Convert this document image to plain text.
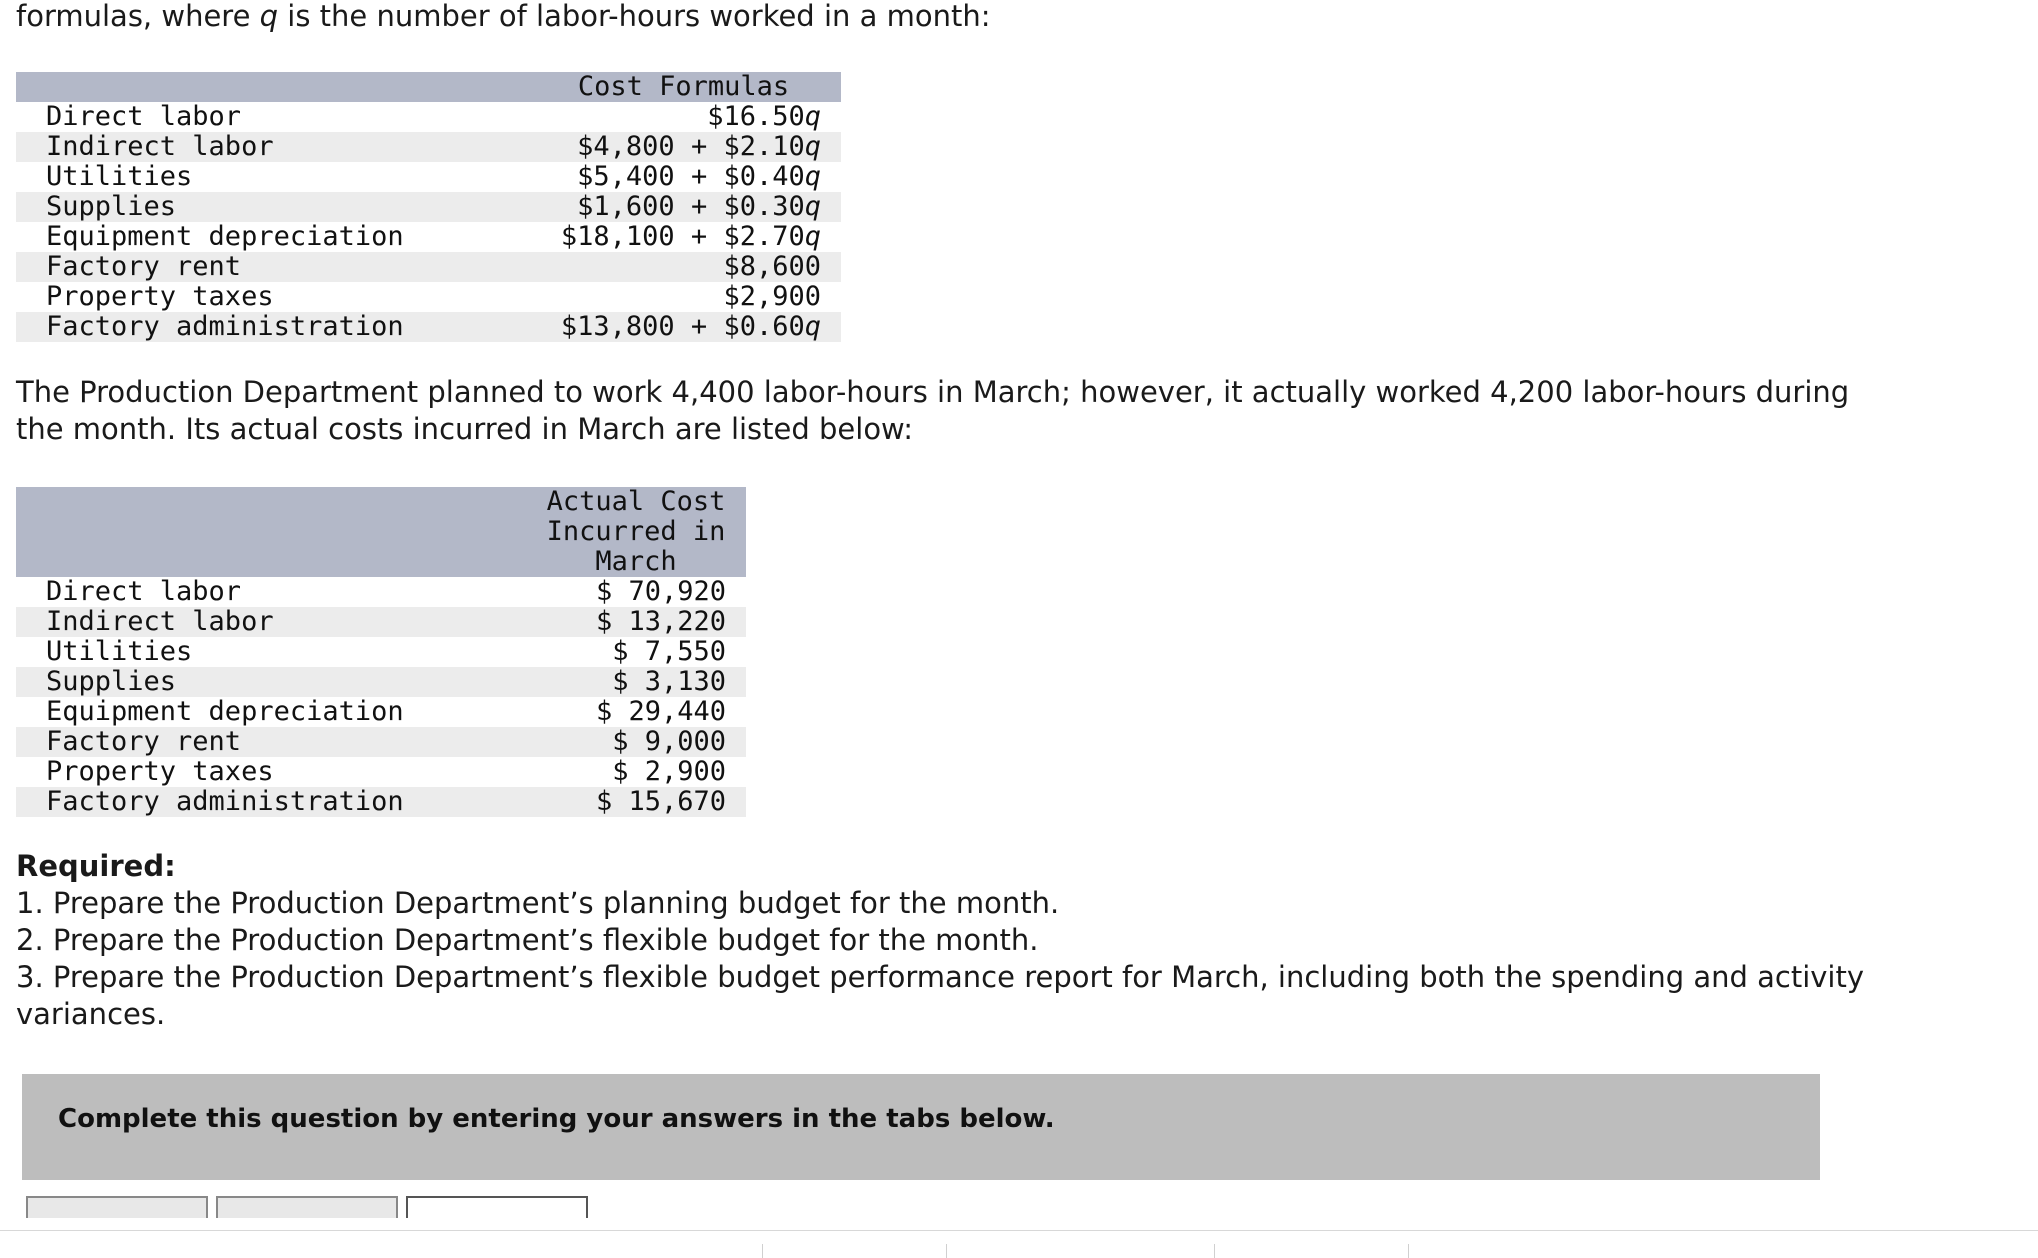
formulas, where q is the number of labor-hours worked in a month:
	Cost Formulas
Direct labor	$16.50q
Indirect labor	$4,800 + $2.10q
Utilities	$5,400 + $0.40q
Supplies	$1,600 + $0.30q
Equipment depreciation	$18,100 + $2.70q
Factory rent	$8,600
Property taxes	$2,900
Factory administration	$13,800 + $0.60q
The Production Department planned to work 4,400 labor-hours in March; however, it actually worked 4,200 labor-hours during the month. Its actual costs incurred in March are listed below:

	Actual Cost
Incurred in
March

Direct labor	$ 70,920
Indirect labor	$ 13,220
Utilities	$ 7,550
Supplies	$ 3,130
Equipment depreciation	$ 29,440
Factory rent	$ 9,000
Property taxes	$ 2,900
Factory administration	$ 15,670
Required:
1. Prepare the Production Department’s planning budget for the month.
2. Prepare the Production Department’s flexible budget for the month.
3. Prepare the Production Department’s flexible budget performance report for March, including both the spending and activity variances.
Complete this question by entering your answers in the tabs below.
